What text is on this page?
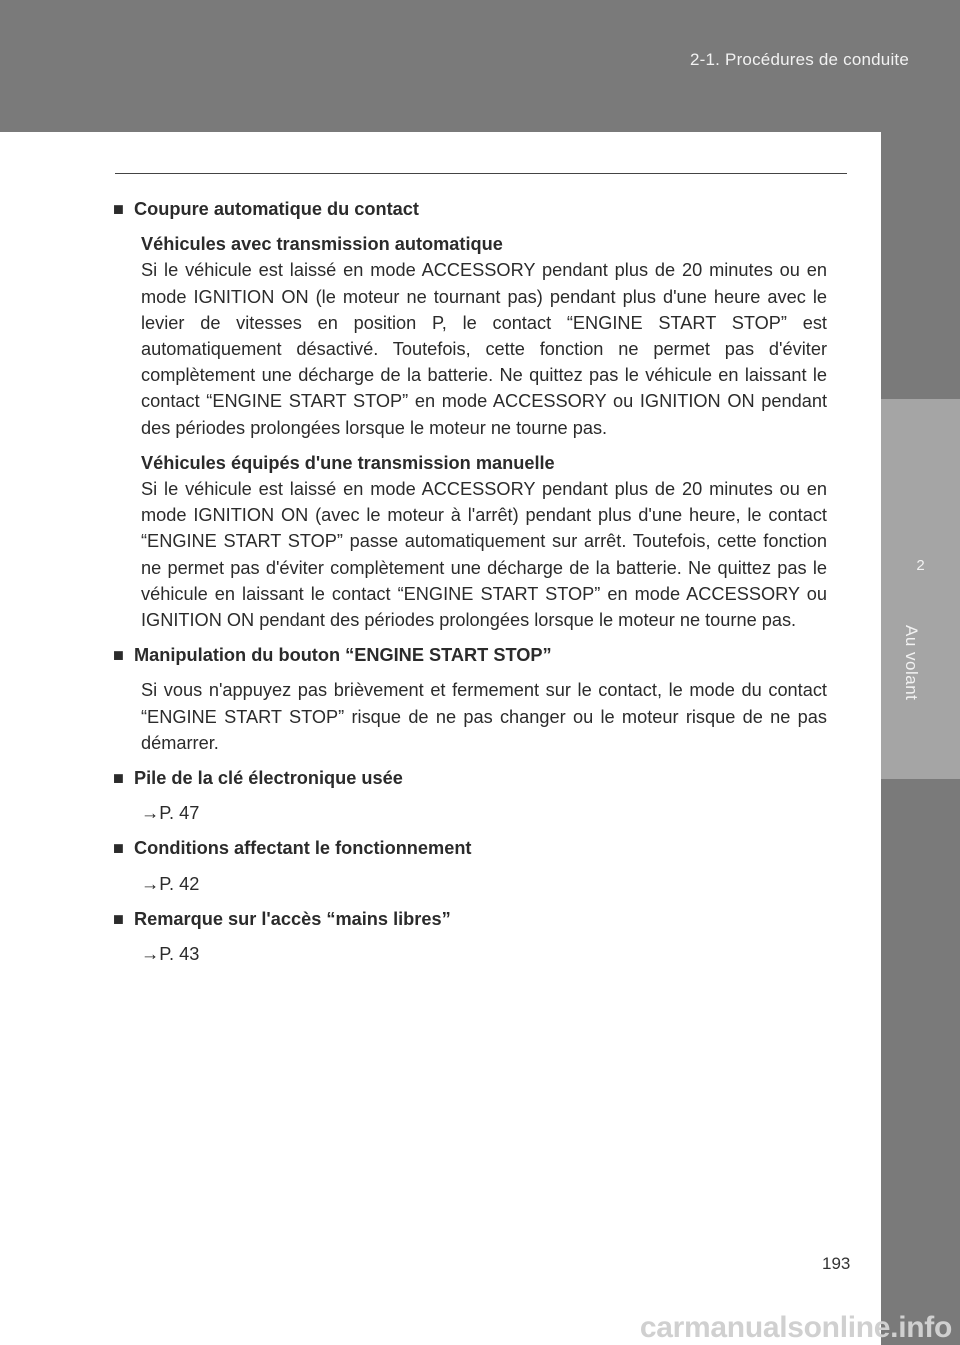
2-1. Procédures de conduite
2
Au volant
■ Coupure automatique du contact
Véhicules avec transmission automatique
Si le véhicule est laissé en mode ACCESSORY pendant plus de 20 minutes ou en mode IGNITION ON (le moteur ne tournant pas) pendant plus d'une heure avec le levier de vitesses en position P, le contact “ENGINE START STOP” est automatiquement désactivé. Toutefois, cette fonction ne permet pas d'éviter complètement une décharge de la batterie. Ne quittez pas le véhicule en laissant le contact “ENGINE START STOP” en mode ACCESSORY ou IGNITION ON pendant des périodes prolongées lorsque le moteur ne tourne pas.
Véhicules équipés d'une transmission manuelle
Si le véhicule est laissé en mode ACCESSORY pendant plus de 20 minutes ou en mode IGNITION ON (avec le moteur à l'arrêt) pendant plus d'une heure, le contact “ENGINE START STOP” passe automatiquement sur arrêt. Toutefois, cette fonction ne permet pas d'éviter complètement une décharge de la batterie. Ne quittez pas le véhicule en laissant le contact “ENGINE START STOP” en mode ACCESSORY ou IGNITION ON pendant des périodes prolongées lorsque le moteur ne tourne pas.
■ Manipulation du bouton “ENGINE START STOP”
Si vous n'appuyez pas brièvement et fermement sur le contact, le mode du contact “ENGINE START STOP” risque de ne pas changer ou le moteur risque de ne pas démarrer.
■ Pile de la clé électronique usée
→P. 47
■ Conditions affectant le fonctionnement
→P. 42
■ Remarque sur l'accès “mains libres”
→P. 43
193
carmanualsonline.info
